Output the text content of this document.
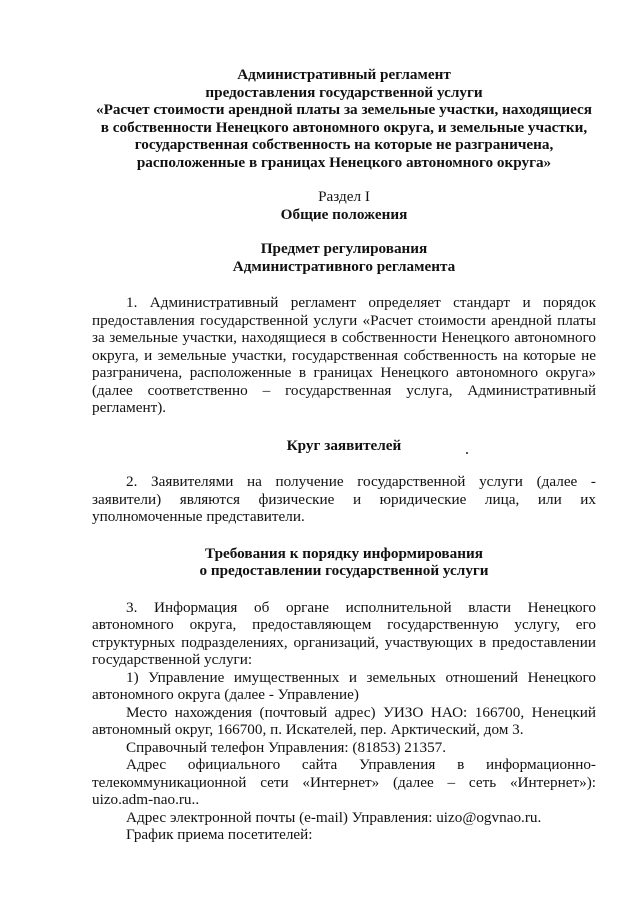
Административный регламент
предоставления государственной услуги
«Расчет стоимости арендной платы за земельные участки, находящиеся
в собственности Ненецкого автономного округа, и земельные участки,
государственная собственность на которые не разграничена,
расположенные в границах Ненецкого автономного округа»
Раздел I
Общие положения
Предмет регулирования
Административного регламента
1. Административный регламент определяет стандарт и порядок
предоставления государственной услуги «Расчет стоимости арендной платы
за земельные участки, находящиеся в собственности Ненецкого автономного
округа, и земельные участки, государственная собственность на которые не
разграничена, расположенные в границах Ненецкого автономного округа»
(далее соответственно – государственная услуга, Административный
регламент).
Круг заявителей
2. Заявителями на получение государственной услуги (далее -
заявители) являются физические и юридические лица, или их
уполномоченные представители.
Требования к порядку информирования
о предоставлении государственной услуги
3. Информация об органе исполнительной власти Ненецкого
автономного округа, предоставляющем государственную услугу, его
структурных подразделениях, организаций, участвующих в предоставлении
государственной услуги:
1) Управление имущественных и земельных отношений Ненецкого
автономного округа (далее - Управление)
Место нахождения (почтовый адрес) УИЗО НАО: 166700, Ненецкий
автономный округ, 166700, п. Искателей, пер. Арктический, дом 3.
Справочный телефон Управления: (81853) 21357.
Адрес официального сайта Управления в информационно-
телекоммуникационной сети «Интернет» (далее – сеть «Интернет»):
uizo.adm-nao.ru..
Адрес электронной почты (e-mail) Управления: uizo@ogvnao.ru.
График приема посетителей:
